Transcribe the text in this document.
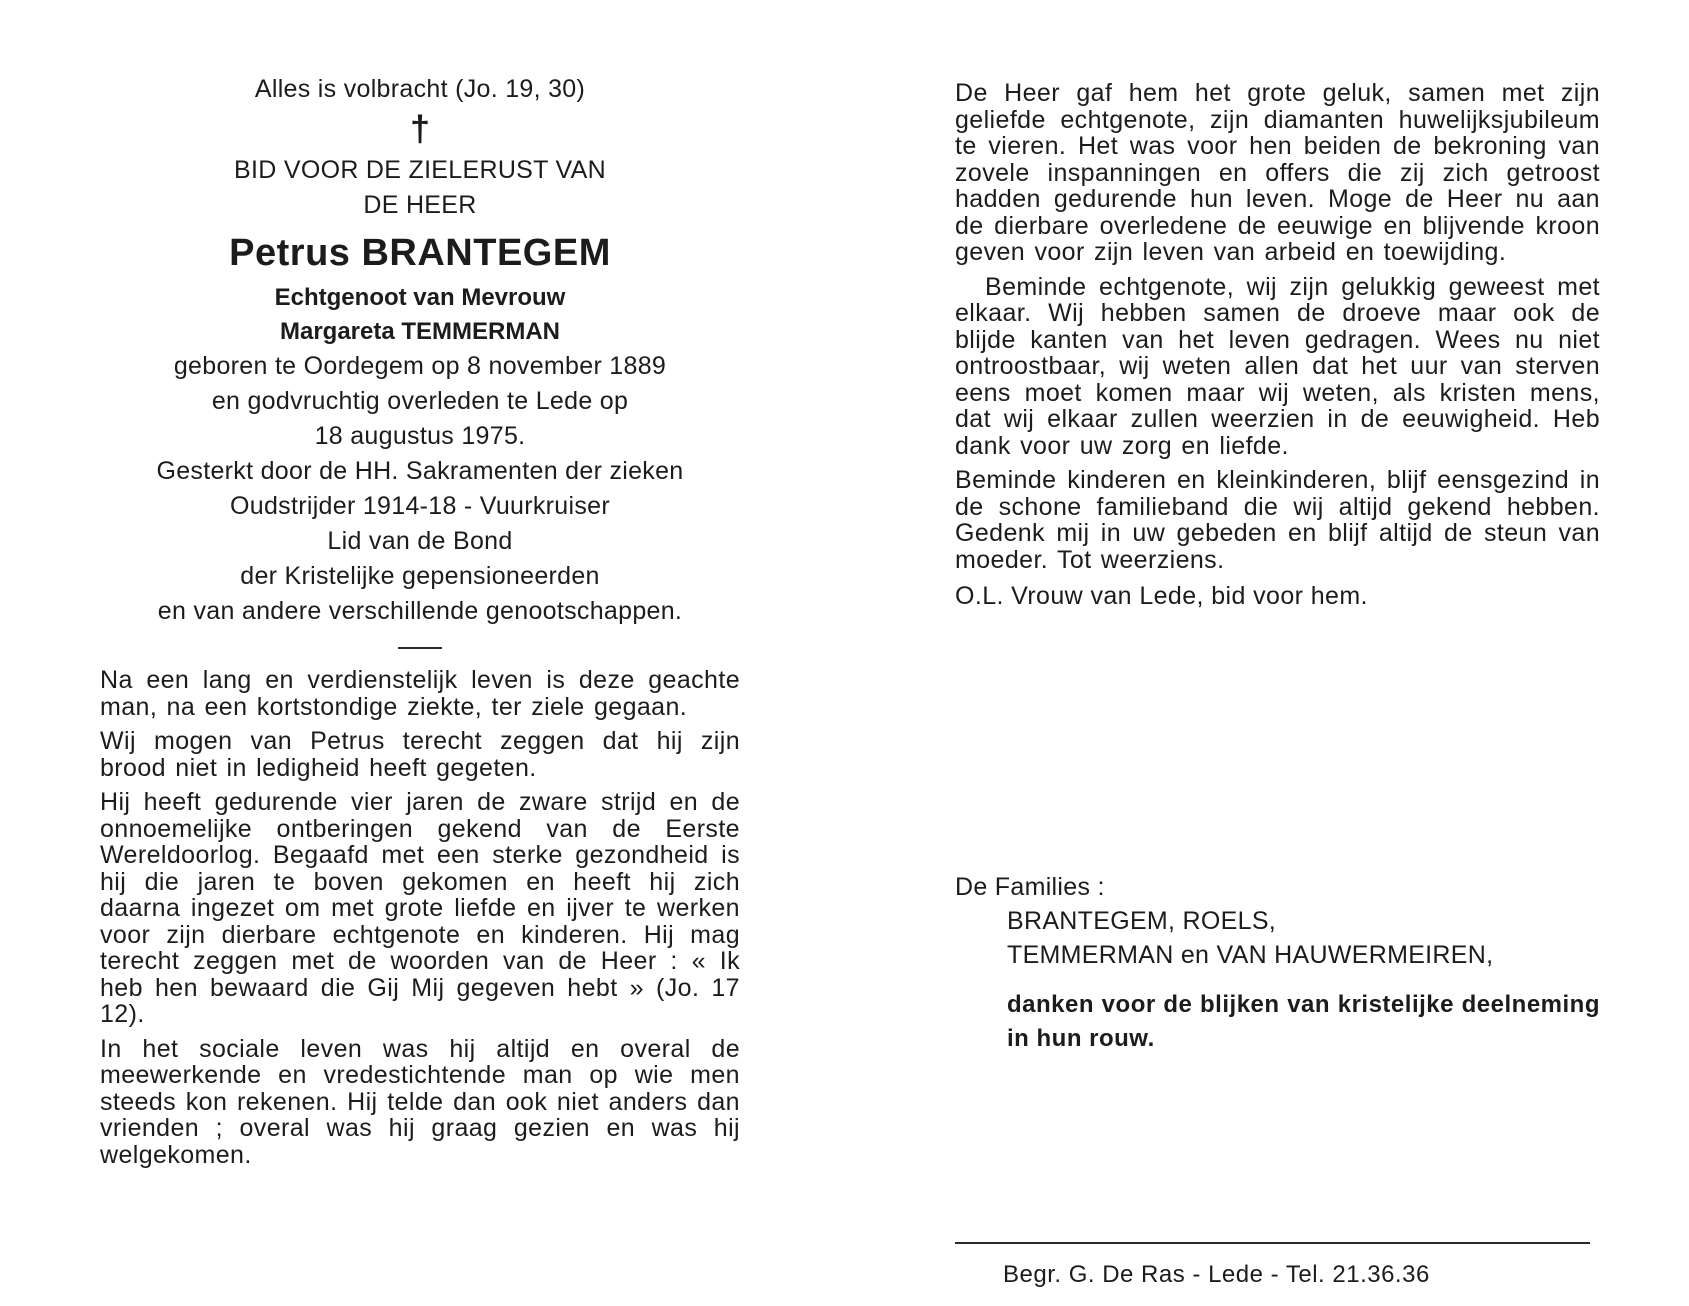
Alles is volbracht (Jo. 19, 30)
†
BID VOOR DE ZIELERUST VAN
DE HEER
Petrus BRANTEGEM
Echtgenoot van Mevrouw
Margareta TEMMERMAN
geboren te Oordegem op 8 november 1889
en godvruchtig overleden te Lede op
18 augustus 1975.
Gesterkt door de HH. Sakramenten der zieken
Oudstrijder 1914-18 - Vuurkruiser
Lid van de Bond
der Kristelijke gepensioneerden
en van andere verschillende genootschappen.

Na een lang en verdienstelijk leven is deze geachte man, na een kortstondige ziekte, ter ziele gegaan.

Wij mogen van Petrus terecht zeggen dat hij zijn brood niet in ledigheid heeft gegeten.

Hij heeft gedurende vier jaren de zware strijd en de onnoemelijke ontberingen gekend van de Eerste Wereldoorlog. Begaafd met een sterke gezondheid is hij die jaren te boven gekomen en heeft hij zich daarna ingezet om met grote liefde en ijver te werken voor zijn dierbare echtgenote en kinderen. Hij mag terecht zeggen met de woorden van de Heer : « Ik heb hen bewaard die Gij Mij gegeven hebt » (Jo. 17 12).

In het sociale leven was hij altijd en overal de meewerkende en vredestichtende man op wie men steeds kon rekenen. Hij telde dan ook niet anders dan vrienden ; overal was hij graag gezien en was hij welgekomen.

De Heer gaf hem het grote geluk, samen met zijn geliefde echtgenote, zijn diamanten huwelijksjubileum te vieren. Het was voor hen beiden de bekroning van zovele inspanningen en offers die zij zich getroost hadden gedurende hun leven. Moge de Heer nu aan de dierbare overledene de eeuwige en blijvende kroon geven voor zijn leven van arbeid en toewijding.

Beminde echtgenote, wij zijn gelukkig geweest met elkaar. Wij hebben samen de droeve maar ook de blijde kanten van het leven gedragen. Wees nu niet ontroostbaar, wij weten allen dat het uur van sterven eens moet komen maar wij weten, als kristen mens, dat wij elkaar zullen weerzien in de eeuwigheid. Heb dank voor uw zorg en liefde.

Beminde kinderen en kleinkinderen, blijf eensgezind in de schone familieband die wij altijd gekend hebben. Gedenk mij in uw gebeden en blijf altijd de steun van moeder. Tot weerziens.

O.L. Vrouw van Lede, bid voor hem.
De Families :
BRANTEGEM, ROELS,
TEMMERMAN en VAN HAUWERMEIREN,
danken voor de blijken van kristelijke deelneming in hun rouw.
Begr. G. De Ras - Lede - Tel. 21.36.36
